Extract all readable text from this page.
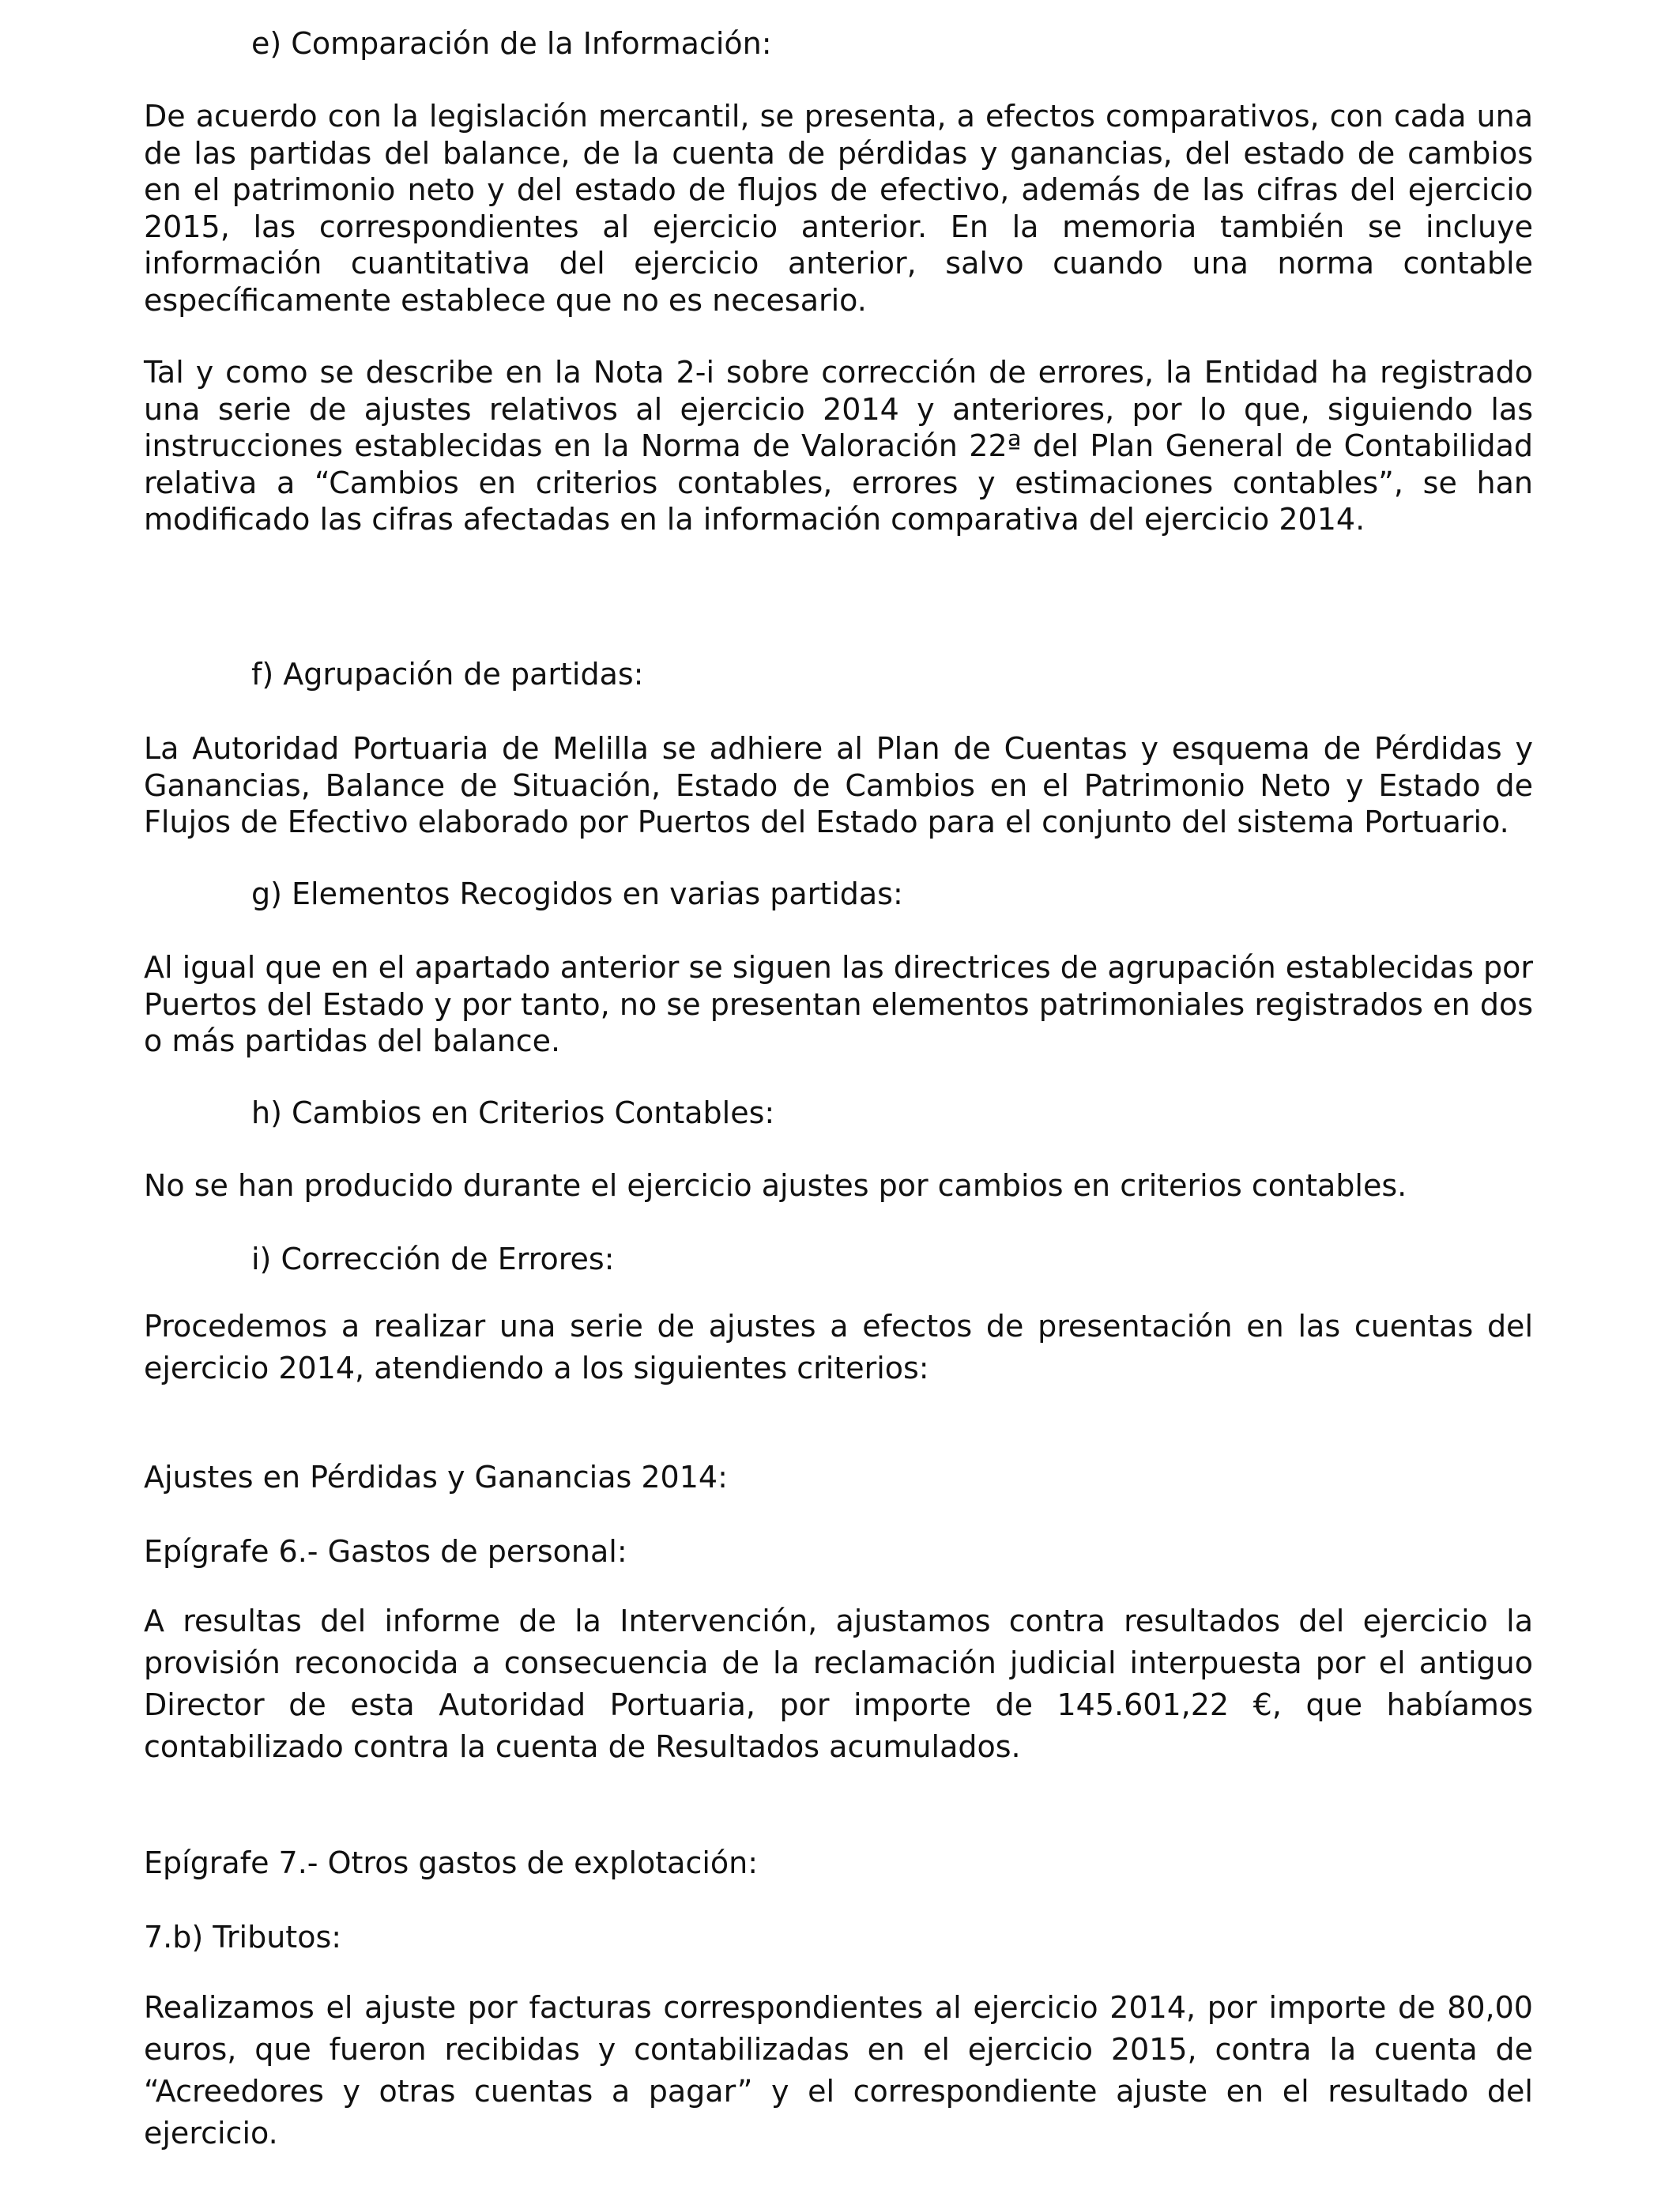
e) Comparación de la Información:

De acuerdo con la legislación mercantil, se presenta, a efectos comparativos, con cada una de las partidas del balance, de la cuenta de pérdidas y ganancias, del estado de cambios en el patrimonio neto y del estado de flujos de efectivo, además de las cifras del ejercicio 2015, las correspondientes al ejercicio anterior. En la memoria también se incluye información cuantitativa del ejercicio anterior, salvo cuando una norma contable específicamente establece que no es necesario.

Tal y como se describe en la Nota 2-i sobre corrección de errores, la Entidad ha registrado una serie de ajustes relativos al ejercicio 2014 y anteriores, por lo que, siguiendo las instrucciones establecidas en la Norma de Valoración 22ª del Plan General de Contabilidad relativa a “Cambios en criterios contables, errores y estimaciones contables”, se han modificado las cifras afectadas en la información comparativa del ejercicio 2014.

f) Agrupación de partidas:

La Autoridad Portuaria de Melilla se adhiere al Plan de Cuentas y esquema de Pérdidas y Ganancias, Balance de Situación, Estado de Cambios en el Patrimonio Neto y Estado de Flujos de Efectivo elaborado por Puertos del Estado para el conjunto del sistema Portuario.

g) Elementos Recogidos en varias partidas:

Al igual que en el apartado anterior se siguen las directrices de agrupación establecidas por Puertos del Estado y por tanto, no se presentan elementos patrimoniales registrados en dos o más partidas del balance.

h) Cambios en Criterios Contables:

No se han producido durante el ejercicio ajustes por cambios en criterios contables.

i) Corrección de Errores:

Procedemos a realizar una serie de ajustes a efectos de presentación en las cuentas del ejercicio 2014, atendiendo a los siguientes criterios:

Ajustes en Pérdidas y Ganancias 2014:
Epígrafe 6.- Gastos de personal:

A resultas del informe de la Intervención, ajustamos contra resultados del ejercicio la provisión reconocida a consecuencia de la reclamación judicial interpuesta por el antiguo Director de esta Autoridad Portuaria, por importe de 145.601,22 €, que habíamos contabilizado contra la cuenta de Resultados acumulados.

Epígrafe 7.- Otros gastos de explotación:
7.b) Tributos:

Realizamos el ajuste por facturas correspondientes al ejercicio 2014, por importe de 80,00 euros, que fueron recibidas y contabilizadas en el ejercicio 2015, contra la cuenta de “Acreedores y otras cuentas a pagar” y el correspondiente ajuste en el resultado del ejercicio.
